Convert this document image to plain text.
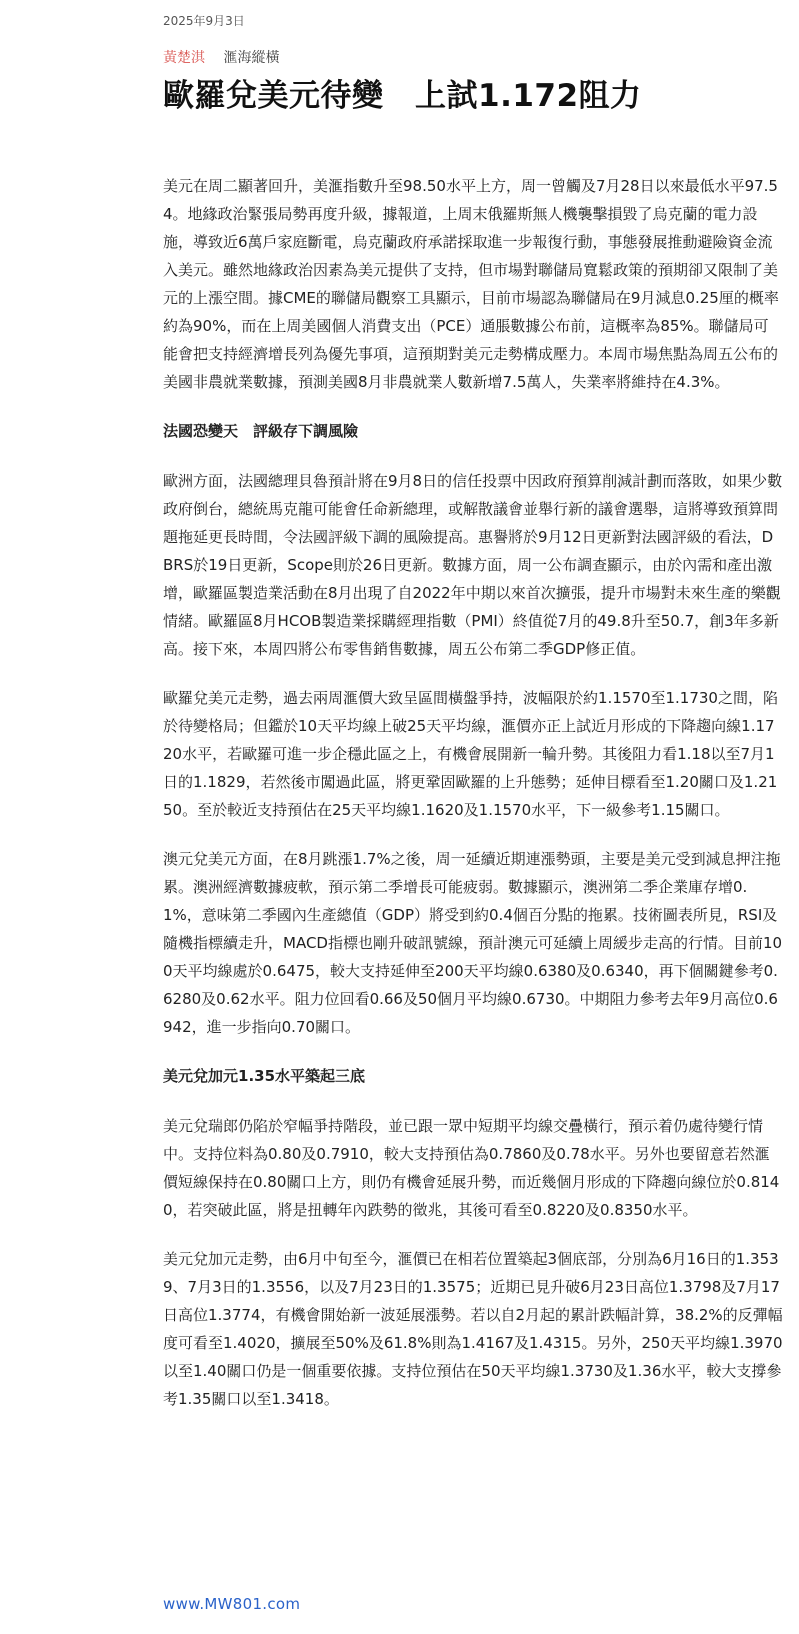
2025年9月3日
黃楚淇 滙海縱橫
歐羅兌美元待變　上試1.172阻力

美元在周二顯著回升，美滙指數升至98.50水平上方，周一曾觸及7月28日以來最低水平97.54。地緣政治緊張局勢再度升級，據報道，上周末俄羅斯無人機襲擊損毀了烏克蘭的電力設施，導致近6萬戶家庭斷電，烏克蘭政府承諾採取進一步報復行動，事態發展推動避險資金流入美元。雖然地緣政治因素為美元提供了支持，但市場對聯儲局寬鬆政策的預期卻又限制了美元的上漲空間。據CME的聯儲局觀察工具顯示，目前市場認為聯儲局在9月減息0.25厘的概率約為90%，而在上周美國個人消費支出（PCE）通脹數據公布前，這概率為85%。聯儲局可能會把支持經濟增長列為優先事項，這預期對美元走勢構成壓力。本周市場焦點為周五公布的美國非農就業數據，預測美國8月非農就業人數新增7.5萬人，失業率將維持在4.3%。

法國恐變天　評級存下調風險

歐洲方面，法國總理貝魯預計將在9月8日的信任投票中因政府預算削減計劃而落敗，如果少數政府倒台，總統馬克龍可能會任命新總理，或解散議會並舉行新的議會選舉，這將導致預算問題拖延更長時間，令法國評級下調的風險提高。惠譽將於9月12日更新對法國評級的看法，DBRS於19日更新，Scope則於26日更新。數據方面，周一公布調查顯示，由於內需和產出激增，歐羅區製造業活動在8月出現了自2022年中期以來首次擴張，提升市場對未來生產的樂觀情緒。歐羅區8月HCOB製造業採購經理指數（PMI）終值從7月的49.8升至50.7，創3年多新高。接下來，本周四將公布零售銷售數據，周五公布第二季GDP修正值。

歐羅兌美元走勢，過去兩周滙價大致呈區間橫盤爭持，波幅限於約1.1570至1.1730之間，陷於待變格局；但鑑於10天平均線上破25天平均線，滙價亦正上試近月形成的下降趨向線1.1720水平，若歐羅可進一步企穩此區之上，有機會展開新一輪升勢。其後阻力看1.18以至7月1日的1.1829，若然後市闖過此區，將更鞏固歐羅的上升態勢；延伸目標看至1.20關口及1.2150。至於較近支持預估在25天平均線1.1620及1.1570水平，下一級參考1.15關口。

澳元兌美元方面，在8月跳漲1.7%之後，周一延續近期連漲勢頭，主要是美元受到減息押注拖累。澳洲經濟數據疲軟，預示第二季增長可能疲弱。數據顯示，澳洲第二季企業庫存增0.1%，意味第二季國內生產總值（GDP）將受到約0.4個百分點的拖累。技術圖表所見，RSI及隨機指標續走升，MACD指標也剛升破訊號線，預計澳元可延續上周緩步走高的行情。目前100天平均線處於0.6475，較大支持延伸至200天平均線0.6380及0.6340，再下個關鍵參考0.6280及0.62水平。阻力位回看0.66及50個月平均線0.6730。中期阻力參考去年9月高位0.6942，進一步指向0.70關口。

美元兌加元1.35水平築起三底

美元兌瑞郎仍陷於窄幅爭持階段，並已跟一眾中短期平均線交疊橫行，預示着仍處待變行情中。支持位料為0.80及0.7910，較大支持預估為0.7860及0.78水平。另外也要留意若然滙價短線保持在0.80關口上方，則仍有機會延展升勢，而近幾個月形成的下降趨向線位於0.8140，若突破此區，將是扭轉年內跌勢的徵兆，其後可看至0.8220及0.8350水平。

美元兌加元走勢，由6月中旬至今，滙價已在相若位置築起3個底部，分別為6月16日的1.3539、7月3日的1.3556，以及7月23日的1.3575；近期已見升破6月23日高位1.3798及7月17日高位1.3774，有機會開始新一波延展漲勢。若以自2月起的累計跌幅計算，38.2%的反彈幅度可看至1.4020，擴展至50%及61.8%則為1.4167及1.4315。另外，250天平均線1.3970以至1.40關口仍是一個重要依據。支持位預估在50天平均線1.3730及1.36水平，較大支撐參考1.35關口以至1.3418。

www.MW801.com
